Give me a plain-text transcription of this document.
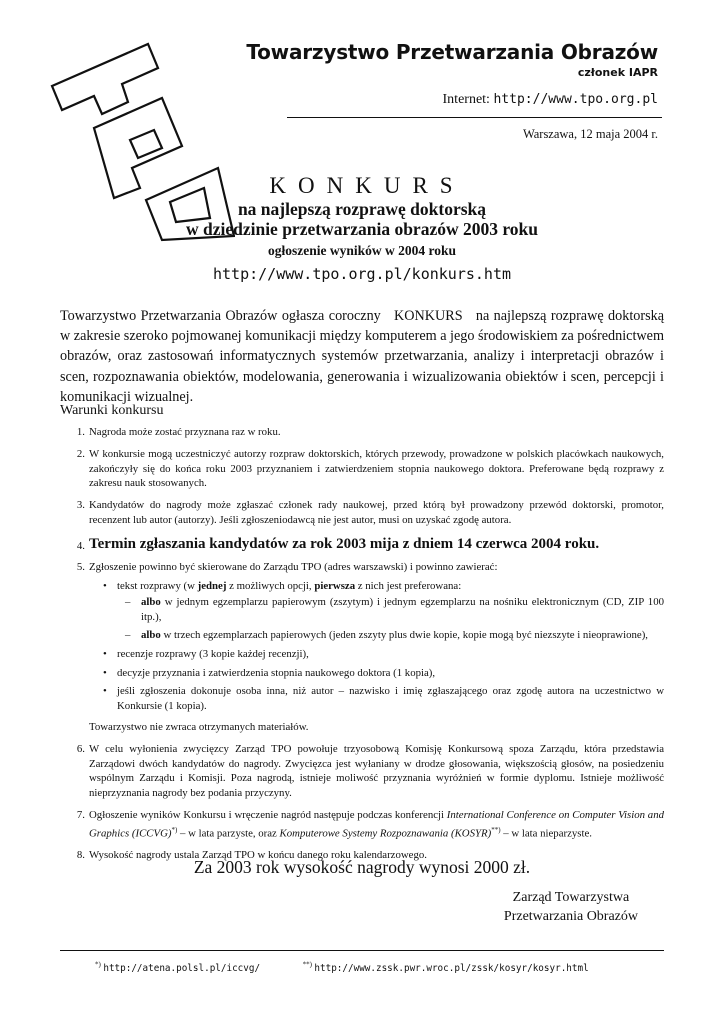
Towarzystwo Przetwarzania Obrazów
członek IAPR
Internet: http://www.tpo.org.pl
Warszawa, 12 maja 2004 r.
KONKURS
na najlepszą rozprawę doktorską
w dziedzinie przetwarzania obrazów 2003 roku
ogłoszenie wyników w 2004 roku
http://www.tpo.org.pl/konkurs.htm
Towarzystwo Przetwarzania Obrazów ogłasza coroczny KONKURS na najlepszą rozprawę doktorską w zakresie szeroko pojmowanej komunikacji między komputerem a jego środowiskiem za pośrednictwem obrazów, oraz zastosowań informatycznych systemów przetwarzania, analizy i interpretacji obrazów i scen, rozpoznawania obiektów, modelowania, generowania i wizualizowania obiektów i scen, percepcji i komunikacji wizualnej.
Warunki konkursu
1. Nagroda może zostać przyznana raz w roku.
2. W konkursie mogą uczestniczyć autorzy rozpraw doktorskich, których przewody, prowadzone w polskich placówkach naukowych, zakończyły się do końca roku 2003 przyznaniem i zatwierdzeniem stopnia naukowego doktora. Preferowane będą rozprawy z zakresu nauk stosowanych.
3. Kandydatów do nagrody może zgłaszać członek rady naukowej, przed którą był prowadzony przewód doktorski, promotor, recenzent lub autor (autorzy). Jeśli zgłoszeniodawcą nie jest autor, musi on uzyskać zgodę autora.
4. Termin zgłaszania kandydatów za rok 2003 mija z dniem 14 czerwca 2004 roku.
5. Zgłoszenie powinno być skierowane do Zarządu TPO (adres warszawski) i powinno zawierać:
• tekst rozprawy (w jednej z możliwych opcji, pierwsza z nich jest preferowana:
– albo w jednym egzemplarzu papierowym (zszytym) i jednym egzemplarzu na nośniku elektronicznym (CD, ZIP 100 itp.),
– albo w trzech egzemplarzach papierowych (jeden zszyty plus dwie kopie, kopie mogą być niezszyte i nieoprawione),
• recenzje rozprawy (3 kopie każdej recenzji),
• decyzje przyznania i zatwierdzenia stopnia naukowego doktora (1 kopia),
• jeśli zgłoszenia dokonuje osoba inna, niż autor – nazwisko i imię zgłaszającego oraz zgodę autora na uczestnictwo w Konkursie (1 kopia).
Towarzystwo nie zwraca otrzymanych materiałów.
6. W celu wyłonienia zwycięzcy Zarząd TPO powołuje trzyosobową Komisję Konkursową spoza Zarządu, która przedstawia Zarządowi dwóch kandydatów do nagrody. Zwycięzca jest wyłaniany w drodze głosowania, większością głosów, na posiedzeniu wspólnym Zarządu i Komisji. Poza nagrodą, istnieje moliwość przyznania wyróżnień w formie dyplomu. Istnieje możliwość nieprzyznania nagrody bez podania przyczyny.
7. Ogłoszenie wyników Konkursu i wręczenie nagród następuje podczas konferencji International Conference on Computer Vision and Graphics (ICCVG)*) – w lata parzyste, oraz Komputerowe Systemy Rozpoznawania (KOSYR)**) – w lata nieparzyste.
8. Wysokość nagrody ustala Zarząd TPO w końcu danego roku kalendarzowego.
Za 2003 rok wysokość nagrody wynosi 2000 zł.
Zarząd Towarzystwa
Przetwarzania Obrazów
*) http://atena.polsl.pl/iccvg/	**) http://www.zssk.pwr.wroc.pl/zssk/kosyr/kosyr.html
